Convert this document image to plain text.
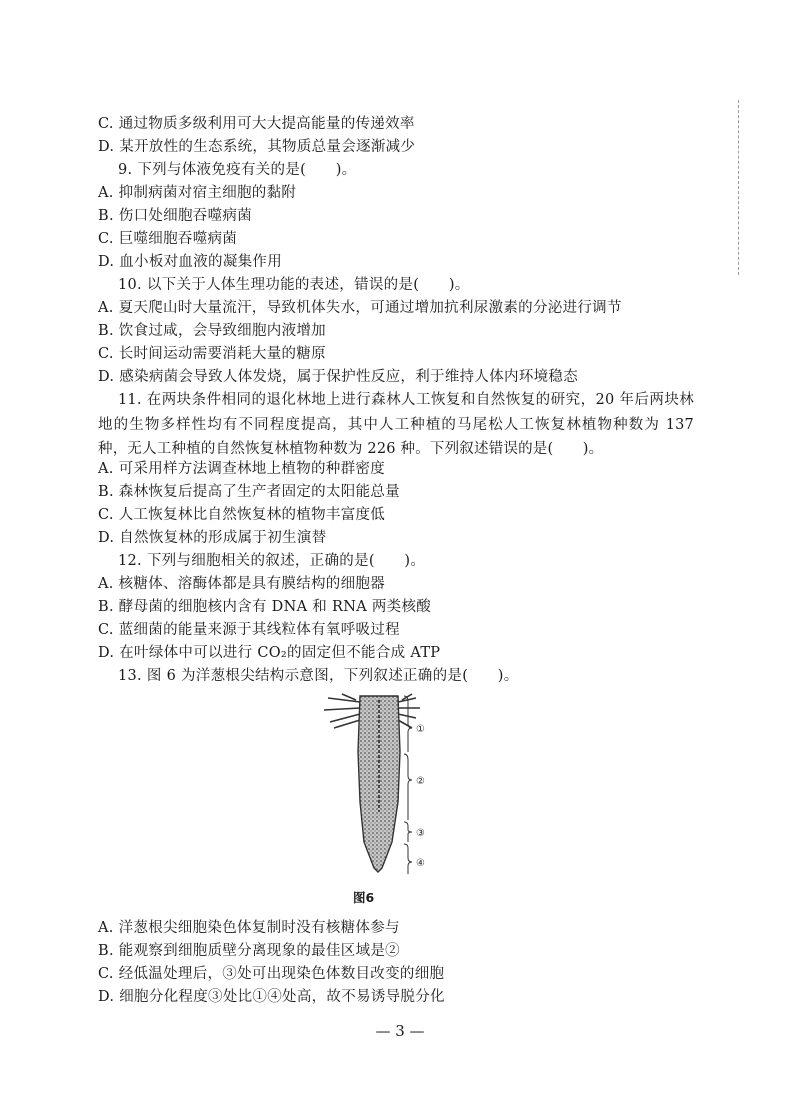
C. 通过物质多级利用可大大提高能量的传递效率
D. 某开放性的生态系统，其物质总量会逐渐减少
9. 下列与体液免疫有关的是(　　)。
A. 抑制病菌对宿主细胞的黏附
B. 伤口处细胞吞噬病菌
C. 巨噬细胞吞噬病菌
D. 血小板对血液的凝集作用
10. 以下关于人体生理功能的表述，错误的是(　　)。
A. 夏天爬山时大量流汗，导致机体失水，可通过增加抗利尿激素的分泌进行调节
B. 饮食过咸，会导致细胞内液增加
C. 长时间运动需要消耗大量的糖原
D. 感染病菌会导致人体发烧，属于保护性反应，利于维持人体内环境稳态
11. 在两块条件相同的退化林地上进行森林人工恢复和自然恢复的研究，20 年后两块林地的生物多样性均有不同程度提高，其中人工种植的马尾松人工恢复林植物种数为 137 种，无人工种植的自然恢复林植物种数为 226 种。下列叙述错误的是(　　)。
A. 可采用样方法调查林地上植物的种群密度
B. 森林恢复后提高了生产者固定的太阳能总量
C. 人工恢复林比自然恢复林的植物丰富度低
D. 自然恢复林的形成属于初生演替
12. 下列与细胞相关的叙述，正确的是(　　)。
A. 核糖体、溶酶体都是具有膜结构的细胞器
B. 酵母菌的细胞核内含有 DNA 和 RNA 两类核酸
C. 蓝细菌的能量来源于其线粒体有氧呼吸过程
D. 在叶绿体中可以进行 CO₂的固定但不能合成 ATP
13. 图 6 为洋葱根尖结构示意图，下列叙述正确的是(　　)。
①
②
③
④
图6
A. 洋葱根尖细胞染色体复制时没有核糖体参与
B. 能观察到细胞质壁分离现象的最佳区域是②
C. 经低温处理后，③处可出现染色体数目改变的细胞
D. 细胞分化程度③处比①④处高，故不易诱导脱分化
— 3 —
